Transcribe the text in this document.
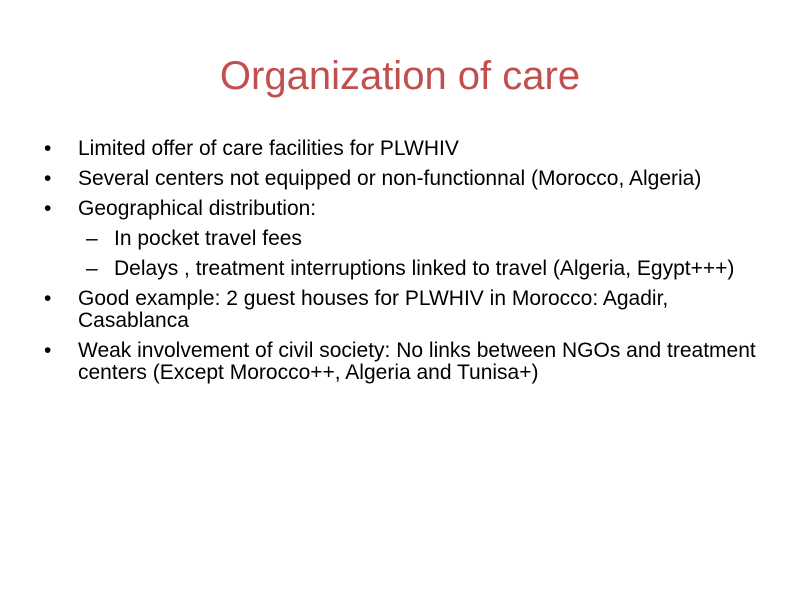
Organization of care
•	Limited offer of care facilities for PLWHIV
•	Several centers not equipped or non-functionnal (Morocco, Algeria)
•	Geographical distribution:
– In pocket travel fees
– Delays , treatment interruptions linked to travel (Algeria, Egypt+++)
•	Good example: 2 guest houses for PLWHIV in Morocco: Agadir, Casablanca
•	Weak involvement of civil society: No links between NGOs and treatment centers (Except Morocco++, Algeria and Tunisa+)
